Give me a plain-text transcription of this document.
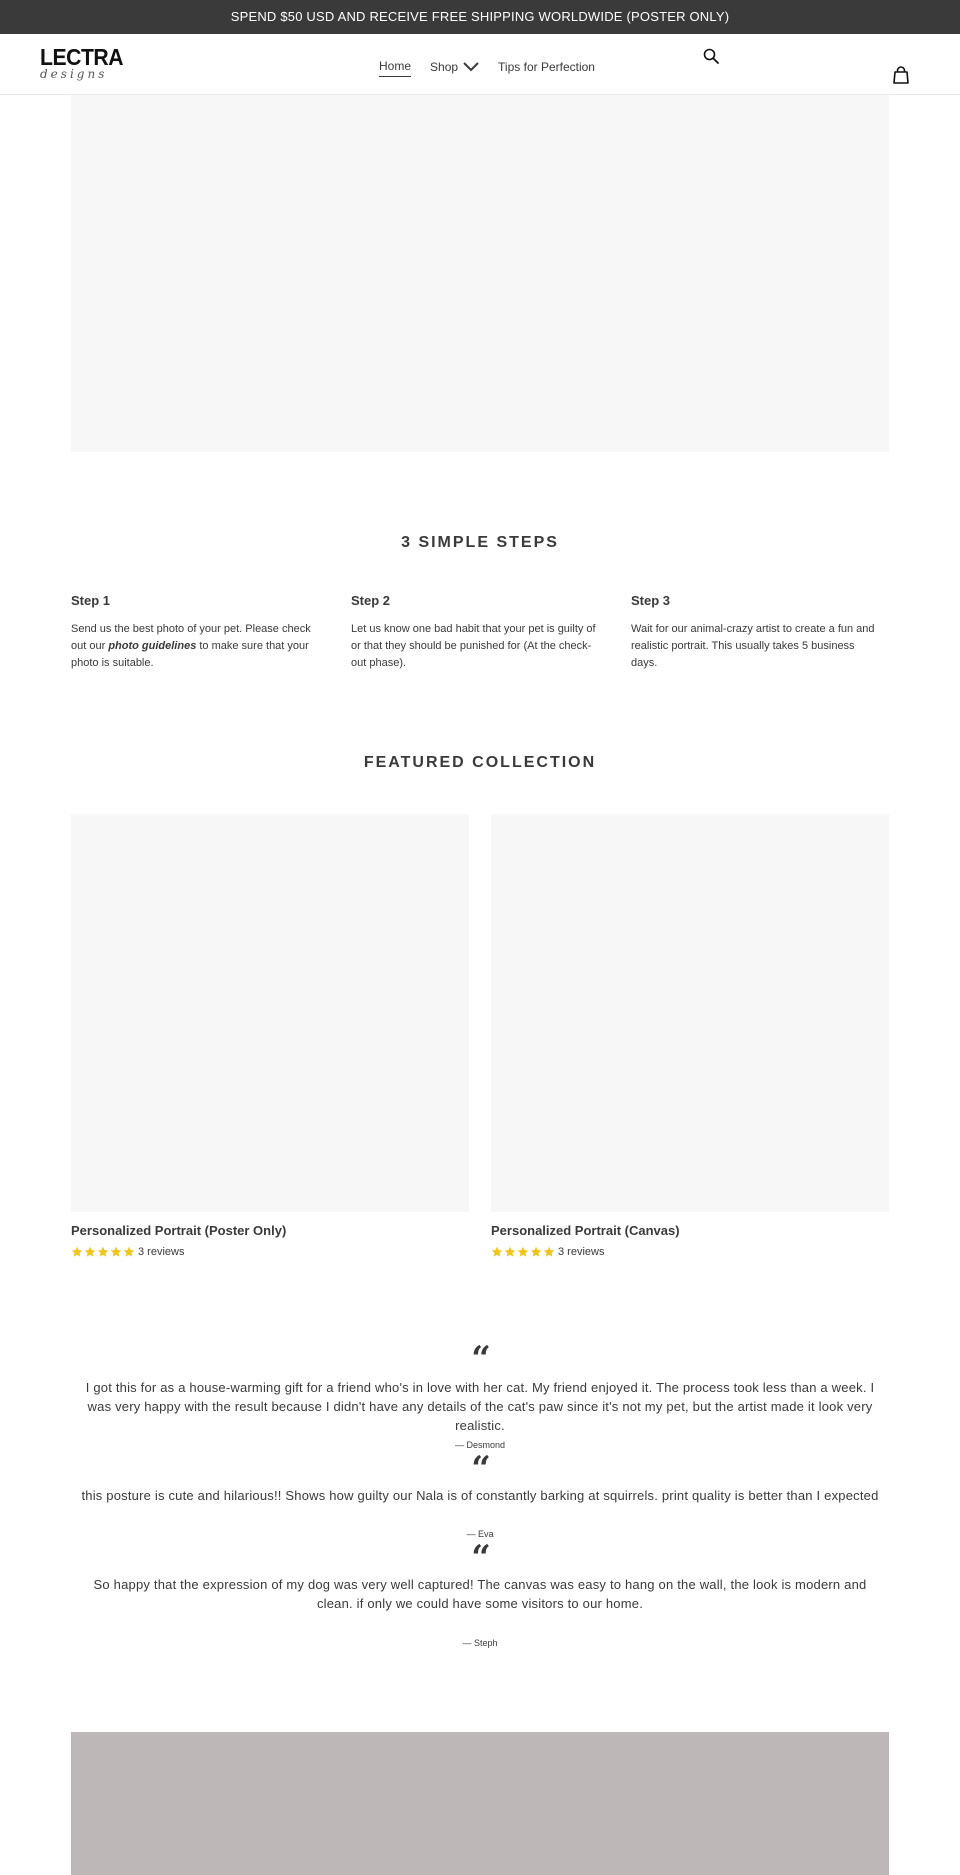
SPEND $50 USD AND RECEIVE FREE SHIPPING WORLDWIDE (POSTER ONLY)
LECTRA
designs
Home Shop	Tips for Perfection
3 SIMPLE STEPS
Step 1

Send us the best photo of your pet. Please check out our photo guidelines to make sure that your photo is suitable.

Step 2

Let us know one bad habit that your pet is guilty of or that they should be punished for (At the check-out phase).

Step 3

Wait for our animal-crazy artist to create a fun and realistic portrait. This usually takes 5 business days.

FEATURED COLLECTION
Personalized Portrait (Poster Only)
3 reviews
Personalized Portrait (Canvas)
3 reviews
“

I got this for as a house-warming gift for a friend who's in love with her cat. My friend enjoyed it. The process took less than a week. I was very happy with the result because I didn't have any details of the cat's paw since it's not my pet, but the artist made it look very realistic.

— Desmond
“

this posture is cute and hilarious!! Shows how guilty our Nala is of constantly barking at squirrels. print quality is better than I expected

— Eva
“

So happy that the expression of my dog was very well captured! The canvas was easy to hang on the wall, the look is modern and clean. if only we could have some visitors to our home.

— Steph
